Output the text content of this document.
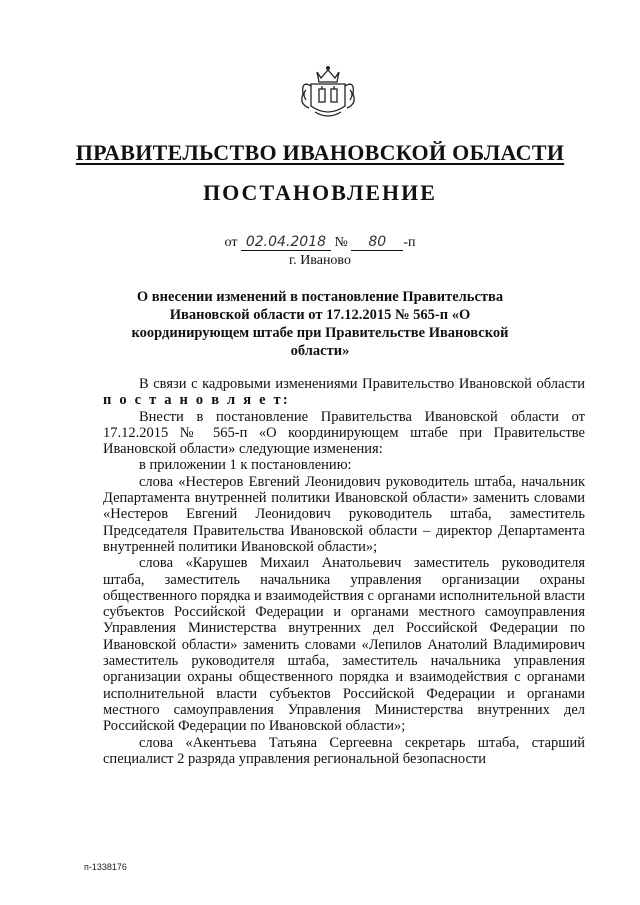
ПРАВИТЕЛЬСТВО ИВАНОВСКОЙ ОБЛАСТИ
ПОСТАНОВЛЕНИЕ
от 02.04.2018 № 80 -п
г. Иваново
О внесении изменений в постановление Правительства Ивановской области от 17.12.2015 № 565-п «О координирующем штабе при Правительстве Ивановской области»

В связи с кадровыми изменениями Правительство Ивановской области п о с т а н о в л я е т:

Внести в постановление Правительства Ивановской области от 17.12.2015 № 565-п «О координирующем штабе при Правительстве Ивановской области» следующие изменения:

в приложении 1 к постановлению:

слова «Нестеров Евгений Леонидович руководитель штаба, начальник Департамента внутренней политики Ивановской области» заменить словами «Нестеров Евгений Леонидович руководитель штаба, заместитель Председателя Правительства Ивановской области – директор Департамента внутренней политики Ивановской области»;

слова «Карушев Михаил Анатольевич заместитель руководителя штаба, заместитель начальника управления организации охраны общественного порядка и взаимодействия с органами исполнительной власти субъектов Российской Федерации и органами местного самоуправления Управления Министерства внутренних дел Российской Федерации по Ивановской области» заменить словами «Лепилов Анатолий Владимирович заместитель руководителя штаба, заместитель начальника управления организации охраны общественного порядка и взаимодействия с органами исполнительной власти субъектов Российской Федерации и органами местного самоуправления Управления Министерства внутренних дел Российской Федерации по Ивановской области»;

слова «Акентьева Татьяна Сергеевна секретарь штаба, старший специалист 2 разряда управления региональной безопасности

п-1338176
